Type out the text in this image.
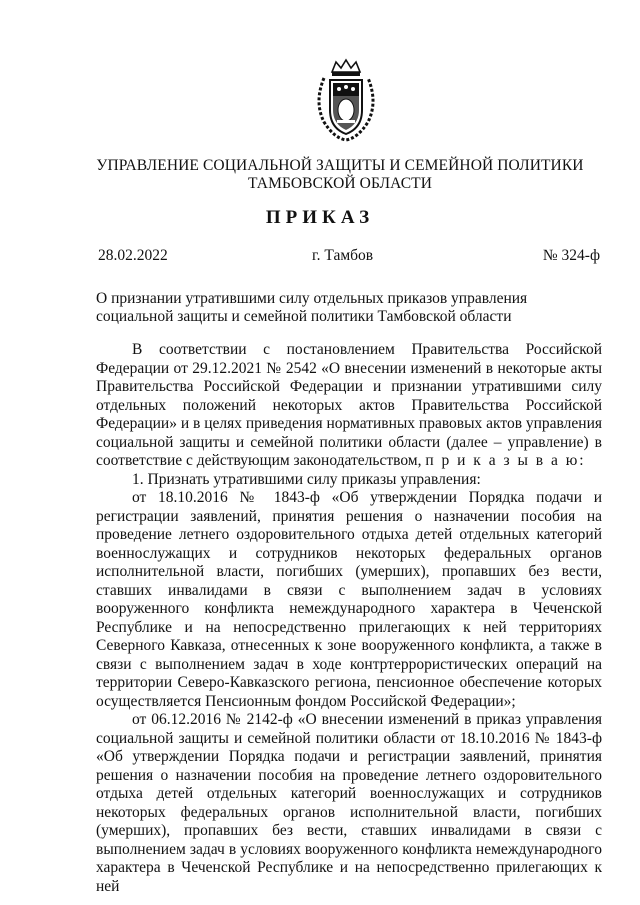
УПРАВЛЕНИЕ СОЦИАЛЬНОЙ ЗАЩИТЫ И СЕМЕЙНОЙ ПОЛИТИКИ
ТАМБОВСКОЙ ОБЛАСТИ
ПРИКАЗ
28.02.2022	г. Тамбов	№ 324-ф
О признании утратившими силу отдельных приказов управления социальной защиты и семейной политики Тамбовской области

В соответствии с постановлением Правительства Российской Федерации от 29.12.2021 № 2542 «О внесении изменений в некоторые акты Правительства Российской Федерации и признании утратившими силу отдельных положений некоторых актов Правительства Российской Федерации» и в целях приведения нормативных правовых актов управления социальной защиты и семейной политики области (далее – управление) в соответствие с действующим законодательством, п р и к а з ы в а ю:

1. Признать утратившими силу приказы управления:

от 18.10.2016 № 1843-ф «Об утверждении Порядка подачи и регистрации заявлений, принятия решения о назначении пособия на проведение летнего оздоровительного отдыха детей отдельных категорий военнослужащих и сотрудников некоторых федеральных органов исполнительной власти, погибших (умерших), пропавших без вести, ставших инвалидами в связи с выполнением задач в условиях вооруженного конфликта немеждународного характера в Чеченской Республике и на непосредственно прилегающих к ней территориях Северного Кавказа, отнесенных к зоне вооруженного конфликта, а также в связи с выполнением задач в ходе контртеррористических операций на территории Северо-Кавказского региона, пенсионное обеспечение которых осуществляется Пенсионным фондом Российской Федерации»;

от 06.12.2016 № 2142-ф «О внесении изменений в приказ управления социальной защиты и семейной политики области от 18.10.2016 № 1843-ф «Об утверждении Порядка подачи и регистрации заявлений, принятия решения о назначении пособия на проведение летнего оздоровительного отдыха детей отдельных категорий военнослужащих и сотрудников некоторых федеральных органов исполнительной власти, погибших (умерших), пропавших без вести, ставших инвалидами в связи с выполнением задач в условиях вооруженного конфликта немеждународного характера в Чеченской Республике и на непосредственно прилегающих к ней
